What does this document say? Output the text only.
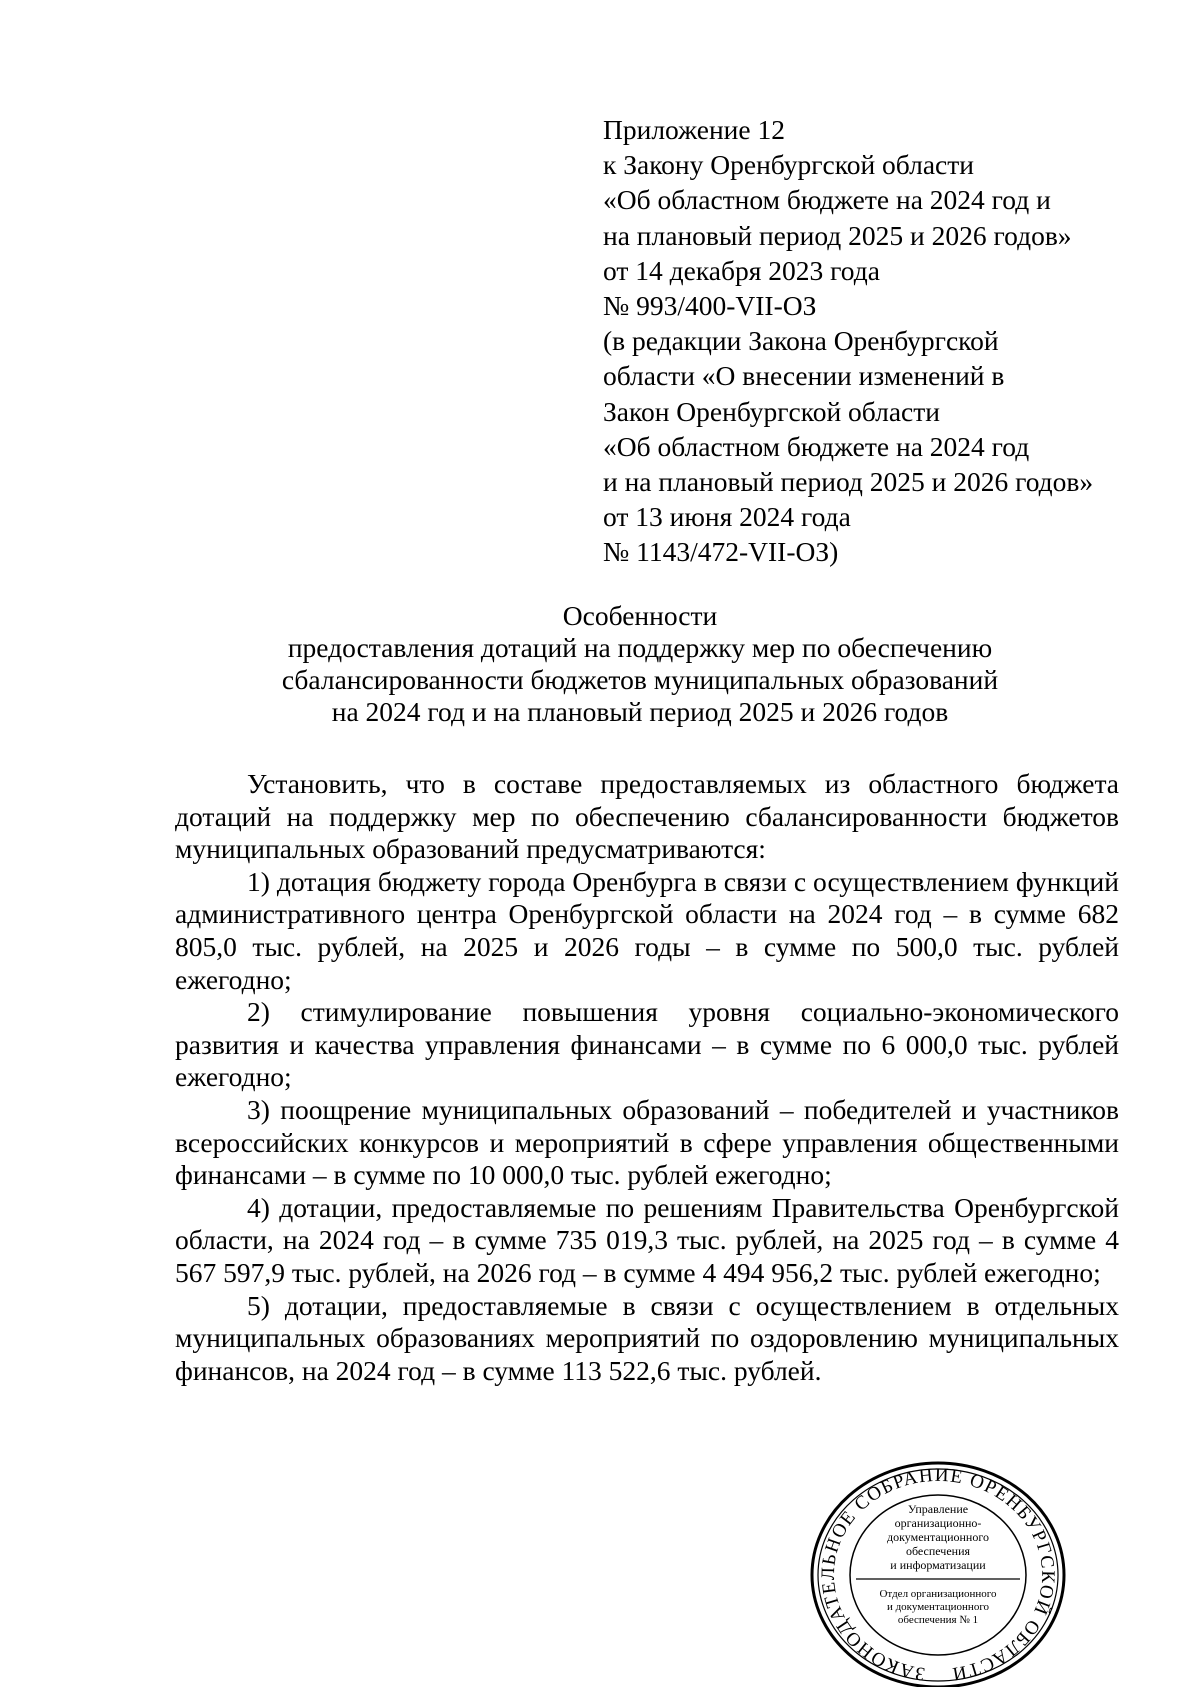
Приложение 12
к Закону Оренбургской области
«Об областном бюджете на 2024 год и
на плановый период 2025 и 2026 годов»
от 14 декабря 2023 года
№ 993/400-VII-ОЗ
(в редакции Закона Оренбургской
области «О внесении изменений в
Закон Оренбургской области
«Об областном бюджете на 2024 год
и на плановый период 2025 и 2026 годов»
от 13 июня 2024 года
№ 1143/472-VII-ОЗ)
Особенности
предоставления дотаций на поддержку мер по обеспечению
сбалансированности бюджетов муниципальных образований
на 2024 год и на плановый период 2025 и 2026 годов

Установить, что в составе предоставляемых из областного бюджета дотаций на поддержку мер по обеспечению сбалансированности бюджетов муниципальных образований предусматриваются:

1) дотация бюджету города Оренбурга в связи с осуществлением функций административного центра Оренбургской области на 2024 год – в сумме 682 805,0 тыс. рублей, на 2025 и 2026 годы – в сумме по 500,0 тыс. рублей ежегодно;

2) стимулирование повышения уровня социально-экономического развития и качества управления финансами – в сумме по 6 000,0 тыс. рублей ежегодно;

3) поощрение муниципальных образований – победителей и участников всероссийских конкурсов и мероприятий в сфере управления общественными финансами – в сумме по 10 000,0 тыс. рублей ежегодно;

4) дотации, предоставляемые по решениям Правительства Оренбургской области, на 2024 год – в сумме 735 019,3 тыс. рублей, на 2025 год – в сумме 4 567 597,9 тыс. рублей, на 2026 год – в сумме 4 494 956,2 тыс. рублей ежегодно;

5) дотации, предоставляемые в связи с осуществлением в отдельных муниципальных образованиях мероприятий по оздоровлению муниципальных финансов, на 2024 год – в сумме 113 522,6 тыс. рублей.

ЗАКОНОДАТЕЛЬНОЕ СОБРАНИЕ ОРЕНБУРГСКОЙ ОБЛАСТИ
Управление
организационно-
документационного
обеспечения
и информатизации
Отдел организационного
и документационного
обеспечения № 1
